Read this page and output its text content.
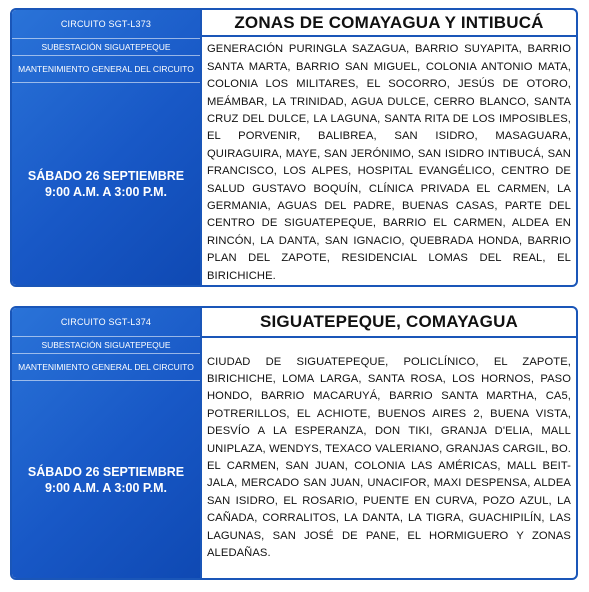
CIRCUITO SGT-L373
SUBESTACIÓN SIGUATEPEQUE
MANTENIMIENTO GENERAL DEL CIRCUITO
SÁBADO 26 SEPTIEMBRE
9:00 A.M. A 3:00 P.M.
ZONAS DE COMAYAGUA Y INTIBUCÁ
GENERACIÓN PURINGLA SAZAGUA, BARRIO SUYAPITA, BARRIO SANTA MARTA, BARRIO SAN MIGUEL, COLONIA ANTONIO MATA, COLONIA LOS MILITARES, EL SOCORRO, JESÚS DE OTORO, MEÁMBAR, LA TRINIDAD, AGUA DULCE, CERRO BLANCO, SANTA CRUZ DEL DULCE, LA LAGUNA, SANTA RITA DE LOS IMPOSIBLES, EL PORVENIR, BALIBREA, SAN ISIDRO, MASAGUARA, QUIRAGUIRA, MAYE, SAN JERÓNIMO, SAN ISIDRO INTIBUCÁ, SAN FRANCISCO, LOS ALPES, HOSPITAL EVANGÉLICO, CENTRO DE SALUD GUSTAVO BOQUÍN, CLÍNICA PRIVADA EL CARMEN, LA GERMANIA, AGUAS DEL PADRE, BUENAS CASAS, PARTE DEL CENTRO DE SIGUATEPEQUE, BARRIO EL CARMEN, ALDEA EN RINCÓN, LA DANTA, SAN IGNACIO, QUEBRADA HONDA, BARRIO PLAN DEL ZAPOTE, RESIDENCIAL LOMAS DEL REAL, EL BIRICHICHE.
CIRCUITO SGT-L374
SUBESTACIÓN SIGUATEPEQUE
MANTENIMIENTO GENERAL DEL CIRCUITO
SÁBADO 26 SEPTIEMBRE
9:00 A.M. A 3:00 P.M.
SIGUATEPEQUE, COMAYAGUA
CIUDAD DE SIGUATEPEQUE, POLICLÍNICO, EL ZAPOTE, BIRICHICHE, LOMA LARGA, SANTA ROSA, LOS HORNOS, PASO HONDO, BARRIO MACARUYÁ, BARRIO SANTA MARTHA, CA5, POTRERILLOS, EL ACHIOTE, BUENOS AIRES 2, BUENA VISTA, DESVÍO A LA ESPERANZA, DON TIKI, GRANJA D'ELIA, MALL UNIPLAZA, WENDYS, TEXACO VALERIANO, GRANJAS CARGIL, BO. EL CARMEN, SAN JUAN, COLONIA LAS AMÉRICAS, MALL BEIT-JALA, MERCADO SAN JUAN, UNACIFOR, MAXI DESPENSA, ALDEA SAN ISIDRO, EL ROSARIO, PUENTE EN CURVA, POZO AZUL, LA CAÑADA, CORRALITOS, LA DANTA, LA TIGRA, GUACHIPILÍN, LAS LAGUNAS, SAN JOSÉ DE PANE, EL HORMIGUERO Y ZONAS ALEDAÑAS.
